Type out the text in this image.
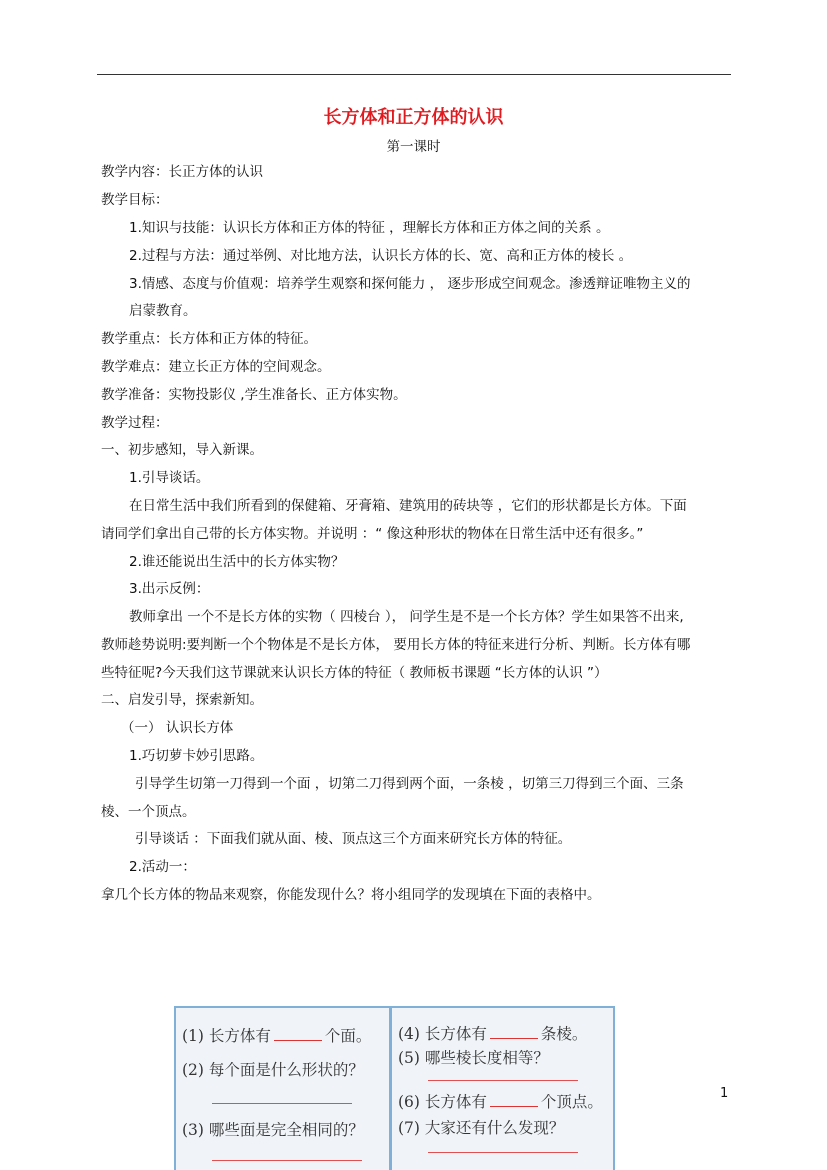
长方体和正方体的认识
第一课时
教学内容：长正方体的认识
教学目标：
1.知识与技能：认识长方体和正方体的特征 ，理解长方体和正方体之间的关系 。
2.过程与方法：通过举例、对比地方法，认识长方体的长、宽、高和正方体的棱长 。
3.情感、态度与价值观：培养学生观察和探何能力 ， 逐步形成空间观念。渗透辩证唯物主义的
启蒙教育。
教学重点：长方体和正方体的特征。
教学难点：建立长正方体的空间观念。
教学准备：实物投影仪 ,学生准备长、正方体实物。
教学过程：
一、初步感知，导入新课。
1.引导谈话。
在日常生活中我们所看到的保健箱、牙膏箱、建筑用的砖块等 ，它们的形状都是长方体。下面
请同学们拿出自己带的长方体实物。并说明 ：“ 像这种形状的物体在日常生活中还有很多。”
2.谁还能说出生活中的长方体实物？
3.出示反例：
教师拿出 一个不是长方体的实物（ 四棱台 ）， 问学生是不是一个长方体？学生如果答不出来,
教师趁势说明:要判断一个个物体是不是长方体， 要用长方体的特征来进行分析、判断。长方体有哪
些特征呢?今天我们这节课就来认识长方体的特征（ 教师板书课题 “长方体的认识 ”）
二、启发引导，探索新知。
（一） 认识长方体
1.巧切萝卡妙引思路。
引导学生切第一刀得到一个面 ，切第二刀得到两个面，一条棱 ，切第三刀得到三个面、三条
棱、一个顶点。
引导谈话 ：下面我们就从面、棱、顶点这三个方面来研究长方体的特征。
2.活动一：
拿几个长方体的物品来观察，你能发现什么？将小组同学的发现填在下面的表格中。
(1) 长方体有	个面。
(2) 每个面是什么形状的？
(3) 哪些面是完全相同的？
(4) 长方体有	条棱。
(5) 哪些棱长度相等？
(6) 长方体有	个顶点。
(7) 大家还有什么发现？
1
